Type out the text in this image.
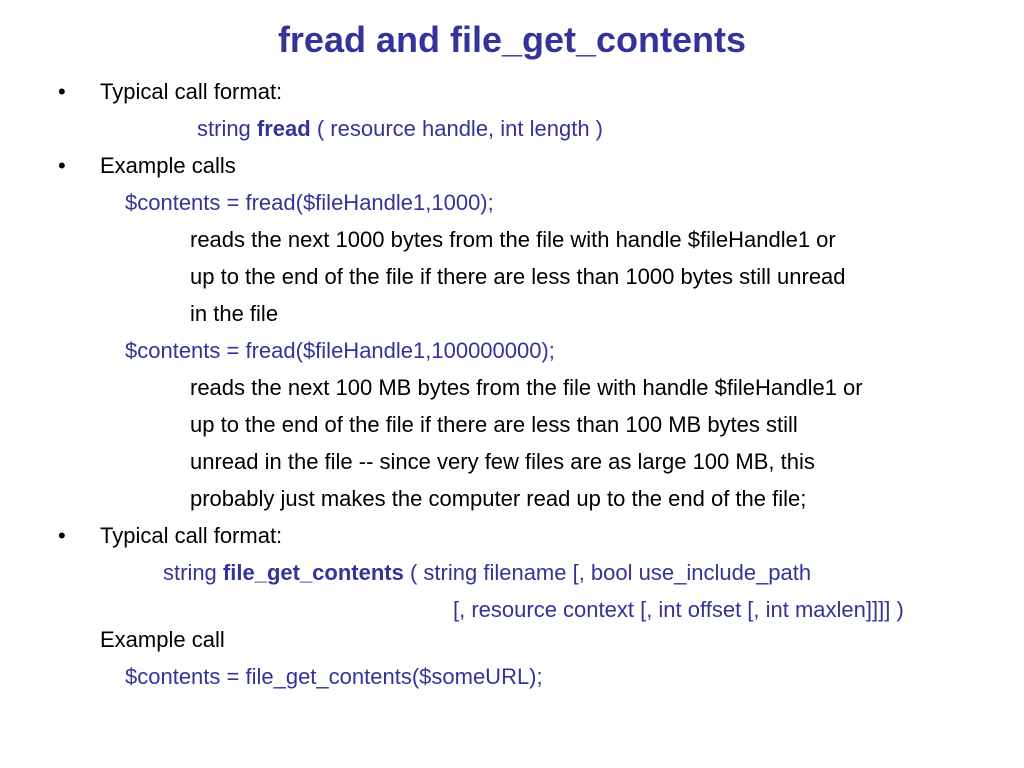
fread and file_get_contents
• Typical call format:
string fread ( resource handle, int length )
• Example calls
$contents = fread($fileHandle1,1000);
reads the next 1000 bytes from the file with handle $fileHandle1 or
up to the end of the file if there are less than 1000 bytes still unread
in the file
$contents = fread($fileHandle1,100000000);
reads the next 100 MB bytes from the file with handle $fileHandle1 or
up to the end of the file if there are less than 100 MB bytes still
unread in the file -- since very few files are as large 100 MB, this
probably just makes the computer read up to the end of the file;
• Typical call format:
string file_get_contents ( string filename [, bool use_include_path
[, resource context [, int offset [, int maxlen]]]] )
Example call
$contents = file_get_contents($someURL);
